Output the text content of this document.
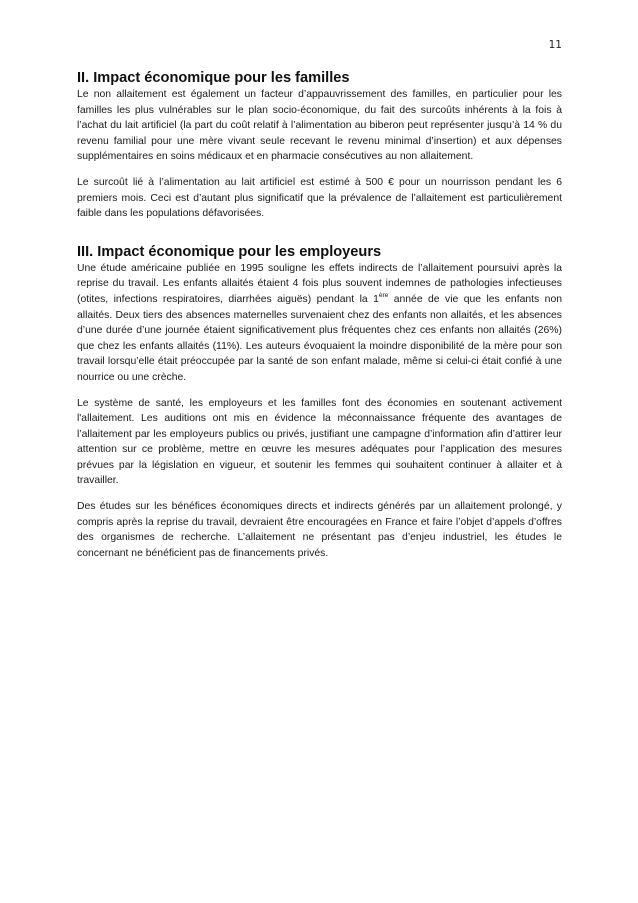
11
II. Impact économique pour les familles

Le non allaitement est également un facteur d’appauvrissement des familles, en particulier pour les familles les plus vulnérables sur le plan socio-économique, du fait des surcoûts inhérents à la fois à l’achat du lait artificiel (la part du coût relatif à l’alimentation au biberon peut représenter jusqu’à 14 % du revenu familial pour une mère vivant seule recevant le revenu minimal d’insertion) et aux dépenses supplémentaires en soins médicaux et en pharmacie consécutives au non allaitement.

Le surcoût lié à l’alimentation au lait artificiel est estimé à 500 € pour un nourrisson pendant les 6 premiers mois. Ceci est d’autant plus significatif que la prévalence de l’allaitement est particulièrement faible dans les populations défavorisées.

III. Impact économique pour les employeurs

Une étude américaine publiée en 1995 souligne les effets indirects de l’allaitement poursuivi après la reprise du travail. Les enfants allaités étaient 4 fois plus souvent indemnes de pathologies infectieuses (otites, infections respiratoires, diarrhées aiguës) pendant la 1ère année de vie que les enfants non allaités. Deux tiers des absences maternelles survenaient chez des enfants non allaités, et les absences d’une durée d’une journée étaient significativement plus fréquentes chez ces enfants non allaités (26%) que chez les enfants allaités (11%). Les auteurs évoquaient la moindre disponibilité de la mère pour son travail lorsqu’elle était préoccupée par la santé de son enfant malade, même si celui-ci était confié à une nourrice ou une crèche.

Le système de santé, les employeurs et les familles font des économies en soutenant activement l'allaitement. Les auditions ont mis en évidence la méconnaissance fréquente des avantages de l’allaitement par les employeurs publics ou privés, justifiant une campagne d’information afin d’attirer leur attention sur ce problème, mettre en œuvre les mesures adéquates pour l’application des mesures prévues par la législation en vigueur, et soutenir les femmes qui souhaitent continuer à allaiter et à travailler.

Des études sur les bénéfices économiques directs et indirects générés par un allaitement prolongé, y compris après la reprise du travail, devraient être encouragées en France et faire l’objet d’appels d’offres des organismes de recherche. L’allaitement ne présentant pas d’enjeu industriel, les études le concernant ne bénéficient pas de financements privés.
